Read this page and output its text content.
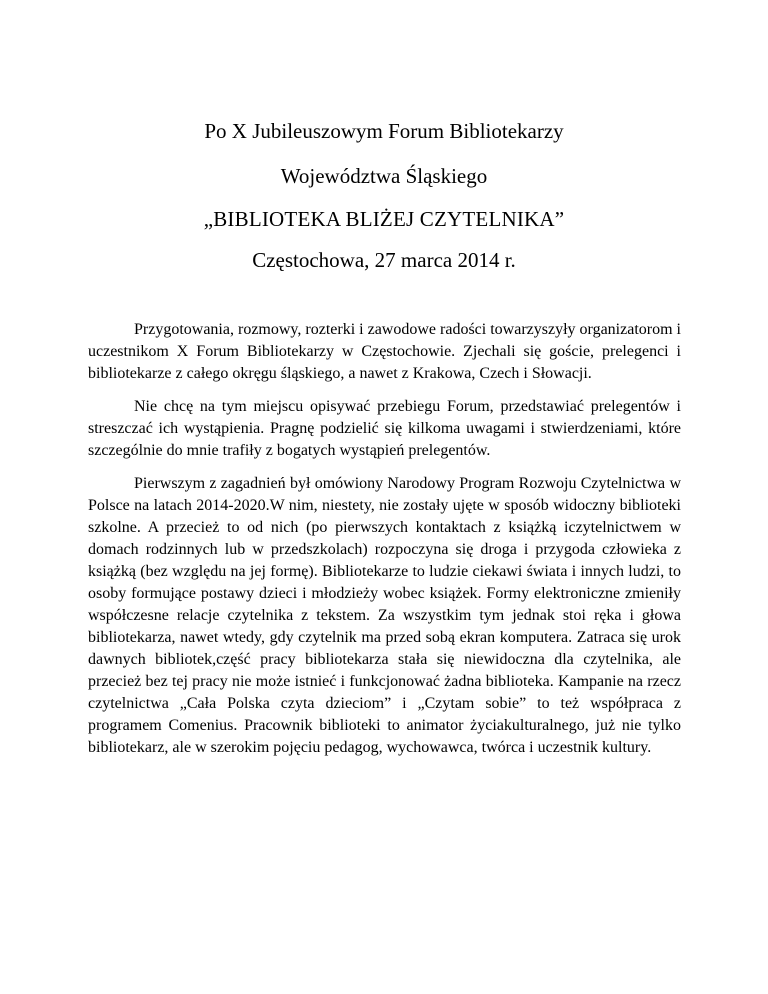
Po X Jubileuszowym Forum Bibliotekarzy
Województwa Śląskiego
„BIBLIOTEKA BLIŻEJ CZYTELNIKA”
Częstochowa, 27 marca 2014 r.

Przygotowania, rozmowy, rozterki i zawodowe radości towarzyszyły organizatorom i uczestnikom X Forum Bibliotekarzy w Częstochowie. Zjechali się goście, prelegenci i bibliotekarze z całego okręgu śląskiego, a nawet z Krakowa, Czech i Słowacji.

Nie chcę na tym miejscu opisywać przebiegu Forum, przedstawiać prelegentów i streszczać ich wystąpienia. Pragnę podzielić się kilkoma uwagami i stwierdzeniami, które szczególnie do mnie trafiły z bogatych wystąpień prelegentów.

Pierwszym z zagadnień był omówiony Narodowy Program Rozwoju Czytelnictwa w Polsce na latach 2014-2020.W nim, niestety, nie zostały ujęte w sposób widoczny biblioteki szkolne. A przecież to od nich (po pierwszych kontaktach z książką iczytelnictwem w domach rodzinnych lub w przedszkolach) rozpoczyna się droga i przygoda człowieka z książką (bez względu na jej formę). Bibliotekarze to ludzie ciekawi świata i innych ludzi, to osoby formujące postawy dzieci i młodzieży wobec książek. Formy elektroniczne zmieniły współczesne relacje czytelnika z tekstem. Za wszystkim tym jednak stoi ręka i głowa bibliotekarza, nawet wtedy, gdy czytelnik ma przed sobą ekran komputera. Zatraca się urok dawnych bibliotek,część pracy bibliotekarza stała się niewidoczna dla czytelnika, ale przecież bez tej pracy nie może istnieć i funkcjonować żadna biblioteka. Kampanie na rzecz czytelnictwa „Cała Polska czyta dzieciom” i „Czytam sobie” to też współpraca z programem Comenius. Pracownik biblioteki to animator życiakulturalnego, już nie tylko bibliotekarz, ale w szerokim pojęciu pedagog, wychowawca, twórca i uczestnik kultury.
